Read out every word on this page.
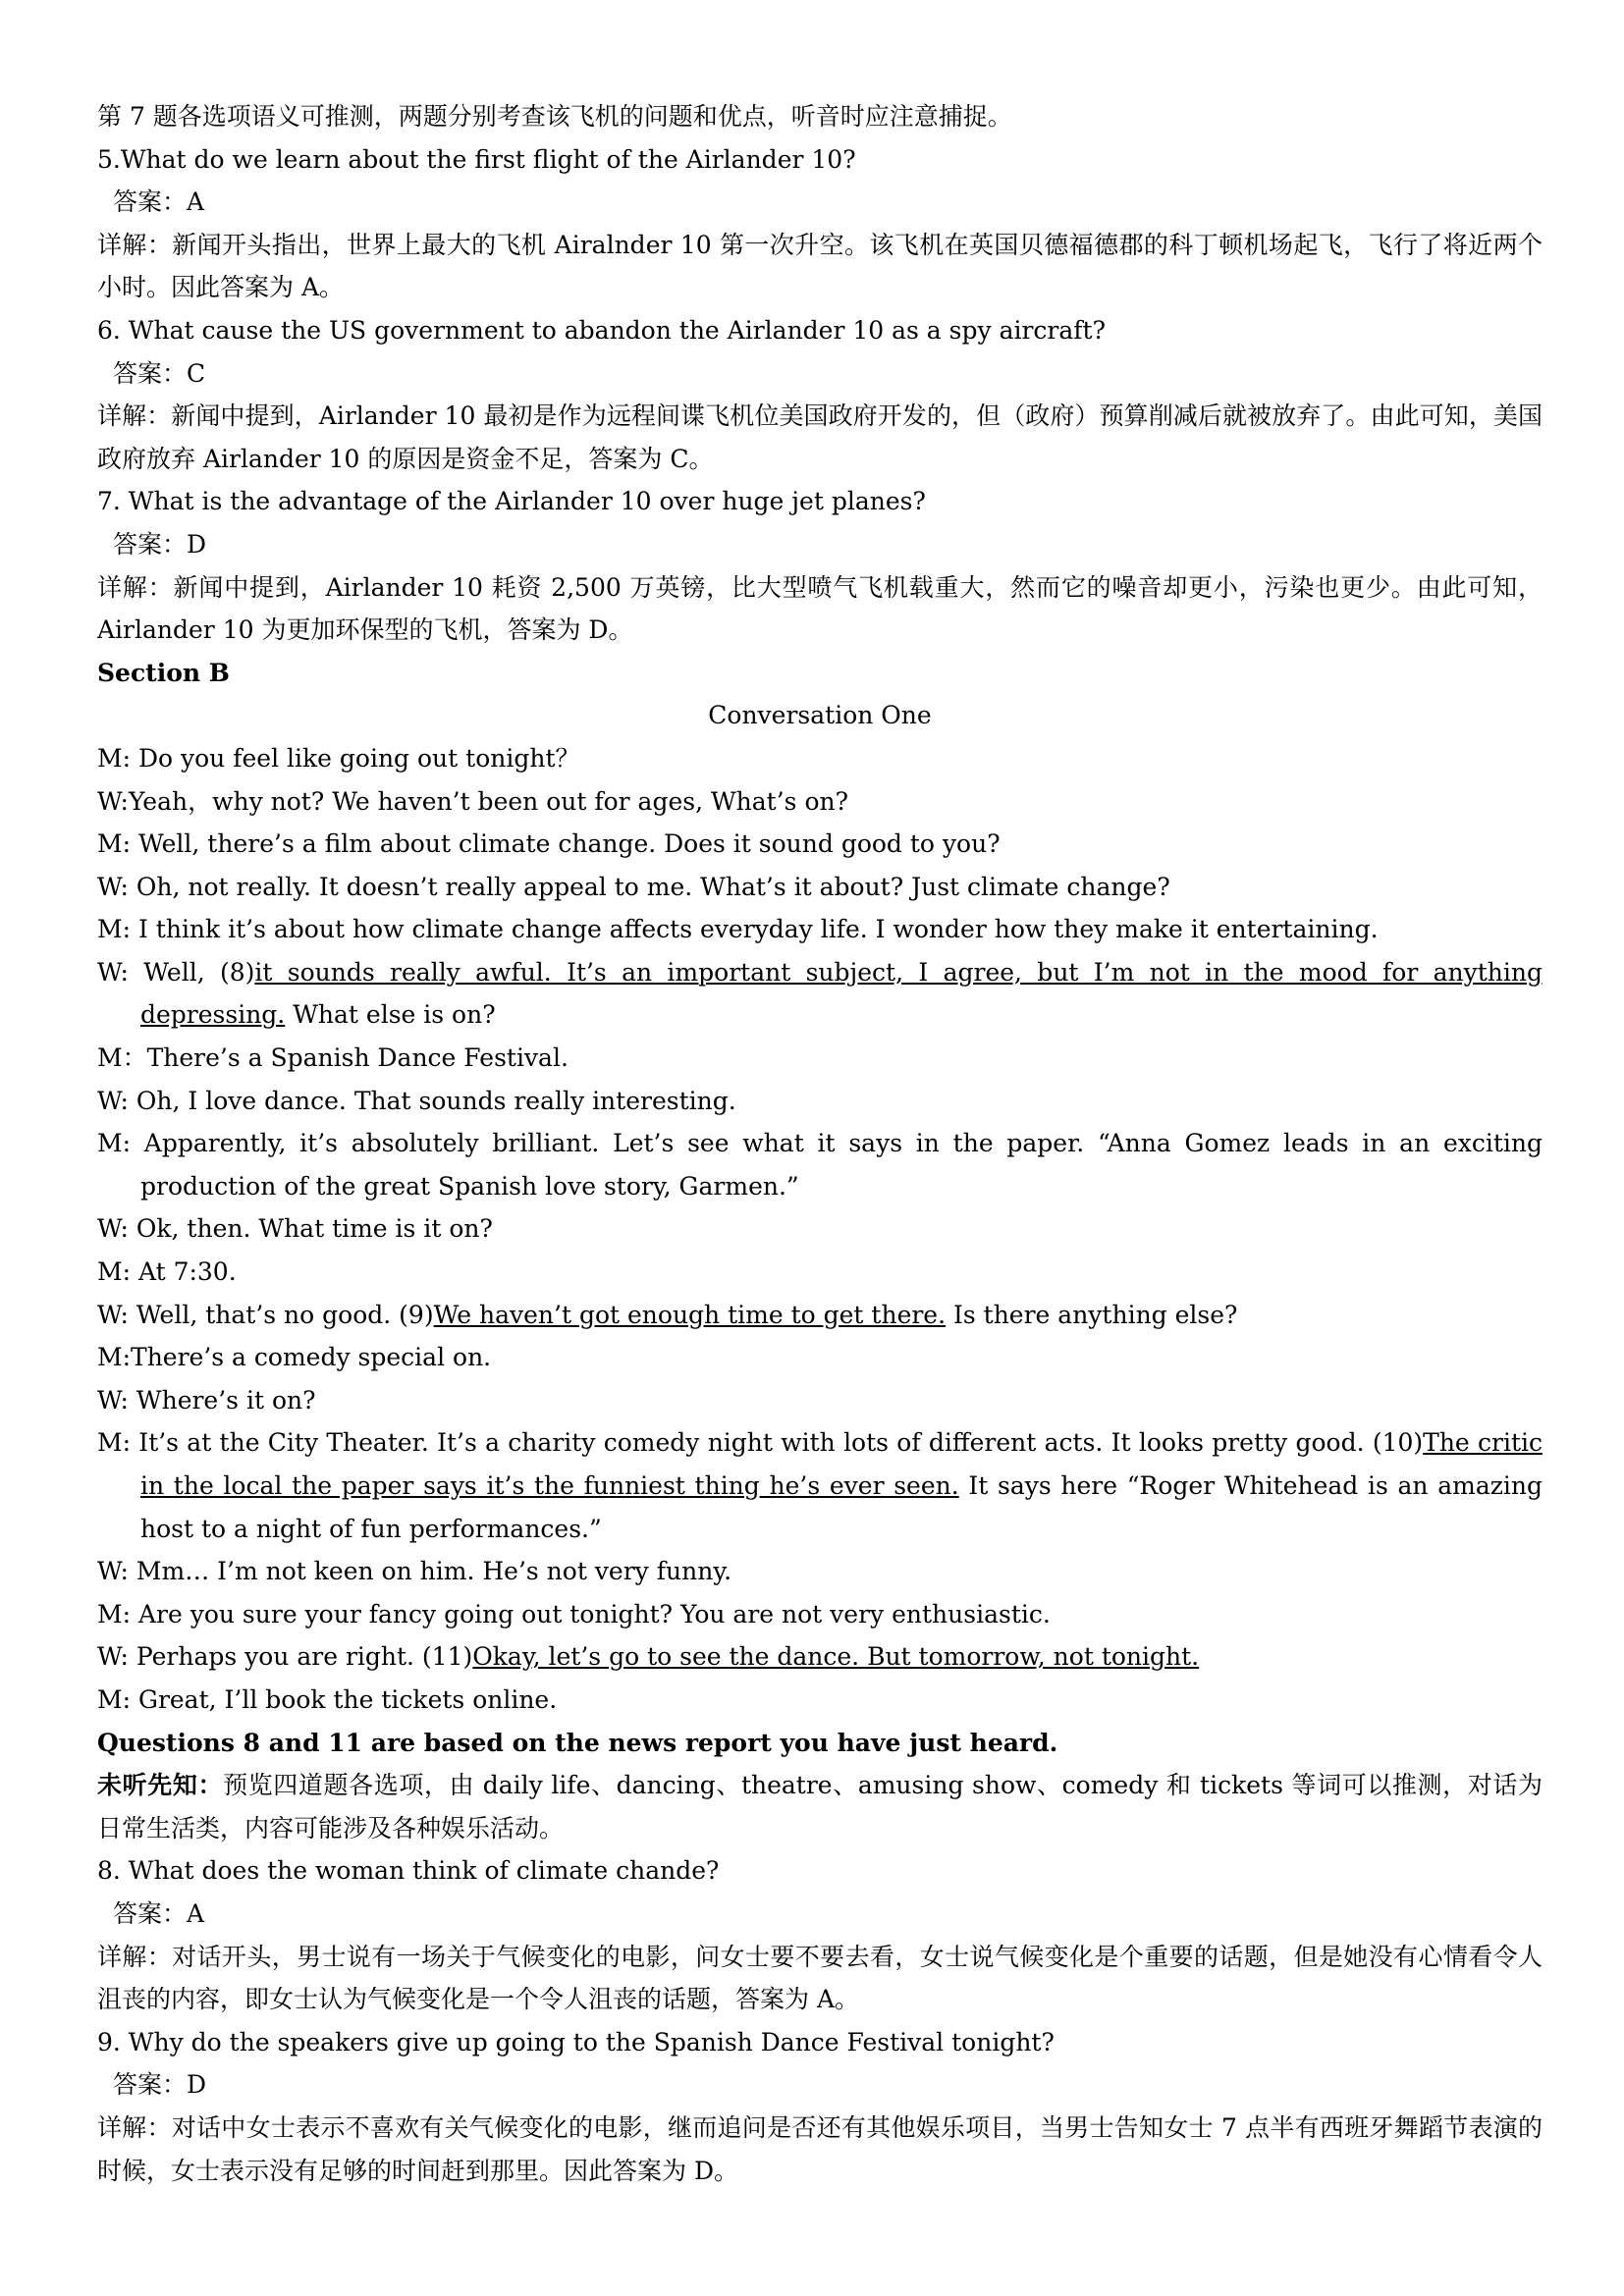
第 7 题各选项语义可推测，两题分别考查该飞机的问题和优点，听音时应注意捕捉。
5.What do we learn about the first flight of the Airlander 10?
答案：A
详解：新闻开头指出，世界上最大的飞机 Airalnder 10 第一次升空。该飞机在英国贝德福德郡的科丁顿机场起飞，飞行了将近两个小时。因此答案为 A。
6. What cause the US government to abandon the Airlander 10 as a spy aircraft?
答案：C
详解：新闻中提到，Airlander 10 最初是作为远程间谍飞机位美国政府开发的，但（政府）预算削减后就被放弃了。由此可知，美国政府放弃 Airlander 10 的原因是资金不足，答案为 C。
7. What is the advantage of the Airlander 10 over huge jet planes?
答案：D
详解：新闻中提到，Airlander 10 耗资 2,500 万英镑，比大型喷气飞机载重大，然而它的噪音却更小，污染也更少。由此可知，Airlander 10 为更加环保型的飞机，答案为 D。
Section B
Conversation One
M: Do you feel like going out tonight？
W:Yeah，why not? We haven’t been out for ages, What’s on?
M: Well, there’s a film about climate change. Does it sound good to you?
W: Oh, not really. It doesn’t really appeal to me. What’s it about? Just climate change?
M: I think it’s about how climate change affects everyday life. I wonder how they make it entertaining.
W: Well, (8)it sounds really awful. It’s an important subject, I agree, but I’m not in the mood for anything depressing. What else is on?
M：There’s a Spanish Dance Festival.
W: Oh, I love dance. That sounds really interesting.
M: Apparently, it’s absolutely brilliant. Let’s see what it says in the paper. “Anna Gomez leads in an exciting production of the great Spanish love story, Garmen.”
W: Ok, then. What time is it on?
M: At 7:30.
W: Well, that’s no good. (9)We haven’t got enough time to get there. Is there anything else?
M:There’s a comedy special on.
W: Where’s it on?
M: It’s at the City Theater. It’s a charity comedy night with lots of different acts. It looks pretty good. (10)The critic in the local the paper says it’s the funniest thing he’s ever seen. It says here “Roger Whitehead is an amazing host to a night of fun performances.”
W: Mm… I’m not keen on him. He’s not very funny.
M: Are you sure your fancy going out tonight? You are not very enthusiastic.
W: Perhaps you are right. (11)Okay, let’s go to see the dance. But tomorrow, not tonight.
M: Great, I’ll book the tickets online.
Questions 8 and 11 are based on the news report you have just heard.
未听先知：预览四道题各选项，由 daily life、dancing、theatre、amusing show、comedy 和 tickets 等词可以推测，对话为日常生活类，内容可能涉及各种娱乐活动。
8. What does the woman think of climate chande?
答案：A
详解：对话开头，男士说有一场关于气候变化的电影，问女士要不要去看，女士说气候变化是个重要的话题，但是她没有心情看令人沮丧的内容，即女士认为气候变化是一个令人沮丧的话题，答案为 A。
9. Why do the speakers give up going to the Spanish Dance Festival tonight?
答案：D
详解：对话中女士表示不喜欢有关气候变化的电影，继而追问是否还有其他娱乐项目，当男士告知女士 7 点半有西班牙舞蹈节表演的时候，女士表示没有足够的时间赶到那里。因此答案为 D。
